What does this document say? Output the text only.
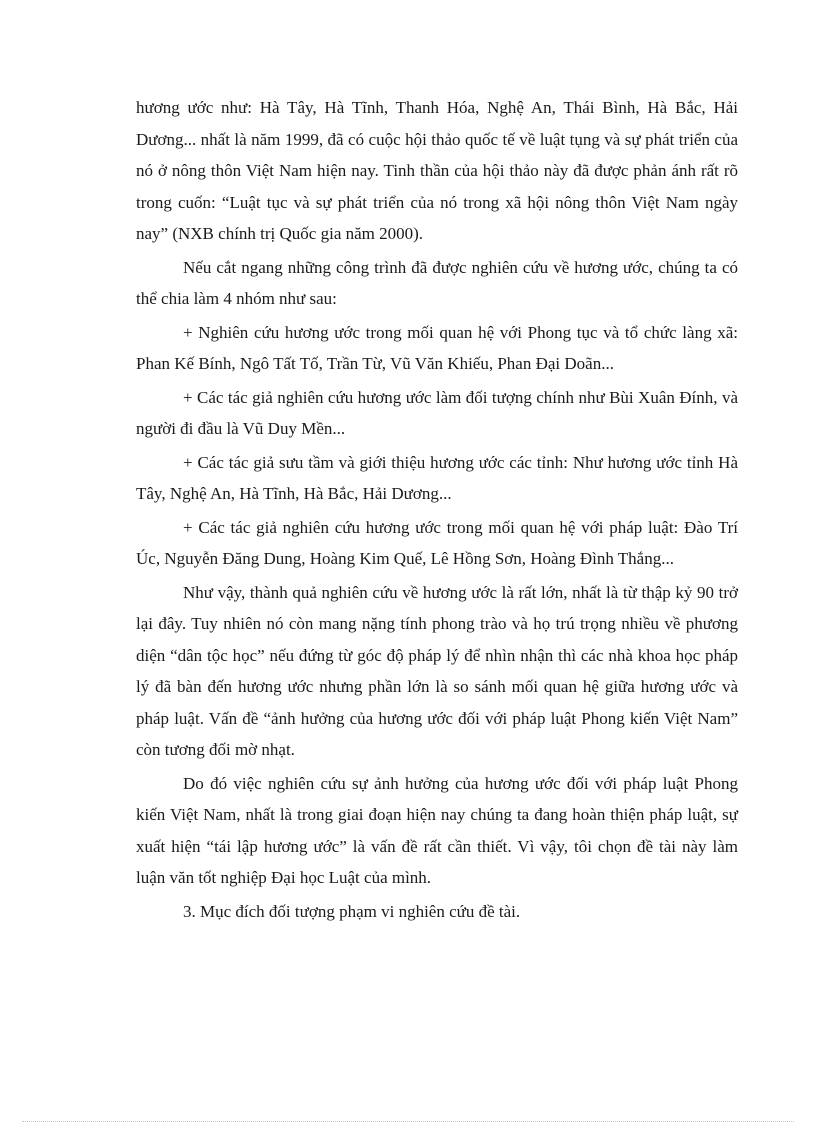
hương ước như: Hà Tây, Hà Tĩnh, Thanh Hóa, Nghệ An, Thái Bình, Hà Bắc, Hải Dương... nhất là năm 1999, đã có cuộc hội thảo quốc tế về luật tụng và sự phát triển của nó ở nông thôn Việt Nam hiện nay. Tinh thần của hội thảo này đã được phản ánh rất rõ trong cuốn: “Luật tục và sự phát triển của nó trong xã hội nông thôn Việt Nam ngày nay” (NXB chính trị Quốc gia năm 2000).

Nếu cắt ngang những công trình đã được nghiên cứu về hương ước, chúng ta có thể chia làm 4 nhóm như sau:

+ Nghiên cứu hương ước trong mối quan hệ với Phong tục và tổ chức làng xã: Phan Kế Bính, Ngô Tất Tố, Trần Từ, Vũ Văn Khiếu, Phan Đại Doãn...

+ Các tác giả nghiên cứu hương ước làm đối tượng chính như Bùi Xuân Đính, và người đi đầu là Vũ Duy Mền...

+ Các tác giả sưu tầm và giới thiệu hương ước các tỉnh: Như hương ước tỉnh Hà Tây, Nghệ An, Hà Tĩnh, Hà Bắc, Hải Dương...

+ Các tác giả nghiên cứu hương ước trong mối quan hệ với pháp luật: Đào Trí Úc, Nguyễn Đăng Dung, Hoàng Kim Quế, Lê Hồng Sơn, Hoàng Đình Thắng...

Như vậy, thành quả nghiên cứu về hương ước là rất lớn, nhất là từ thập kỷ 90 trở lại đây. Tuy nhiên nó còn mang nặng tính phong trào và họ trú trọng nhiều về phương diện “dân tộc học” nếu đứng từ góc độ pháp lý để nhìn nhận thì các nhà khoa học pháp lý đã bàn đến hương ước nhưng phần lớn là so sánh mối quan hệ giữa hương ước và pháp luật. Vấn đề “ảnh hưởng của hương ước đối với pháp luật Phong kiến Việt Nam” còn tương đối mờ nhạt.

Do đó việc nghiên cứu sự ảnh hưởng của hương ước đối với pháp luật Phong kiến Việt Nam, nhất là trong giai đoạn hiện nay chúng ta đang hoàn thiện pháp luật, sự xuất hiện “tái lập hương ước” là vấn đề rất cần thiết. Vì vậy, tôi chọn đề tài này làm luận văn tốt nghiệp Đại học Luật của mình.

3. Mục đích đối tượng phạm vi nghiên cứu đề tài.
